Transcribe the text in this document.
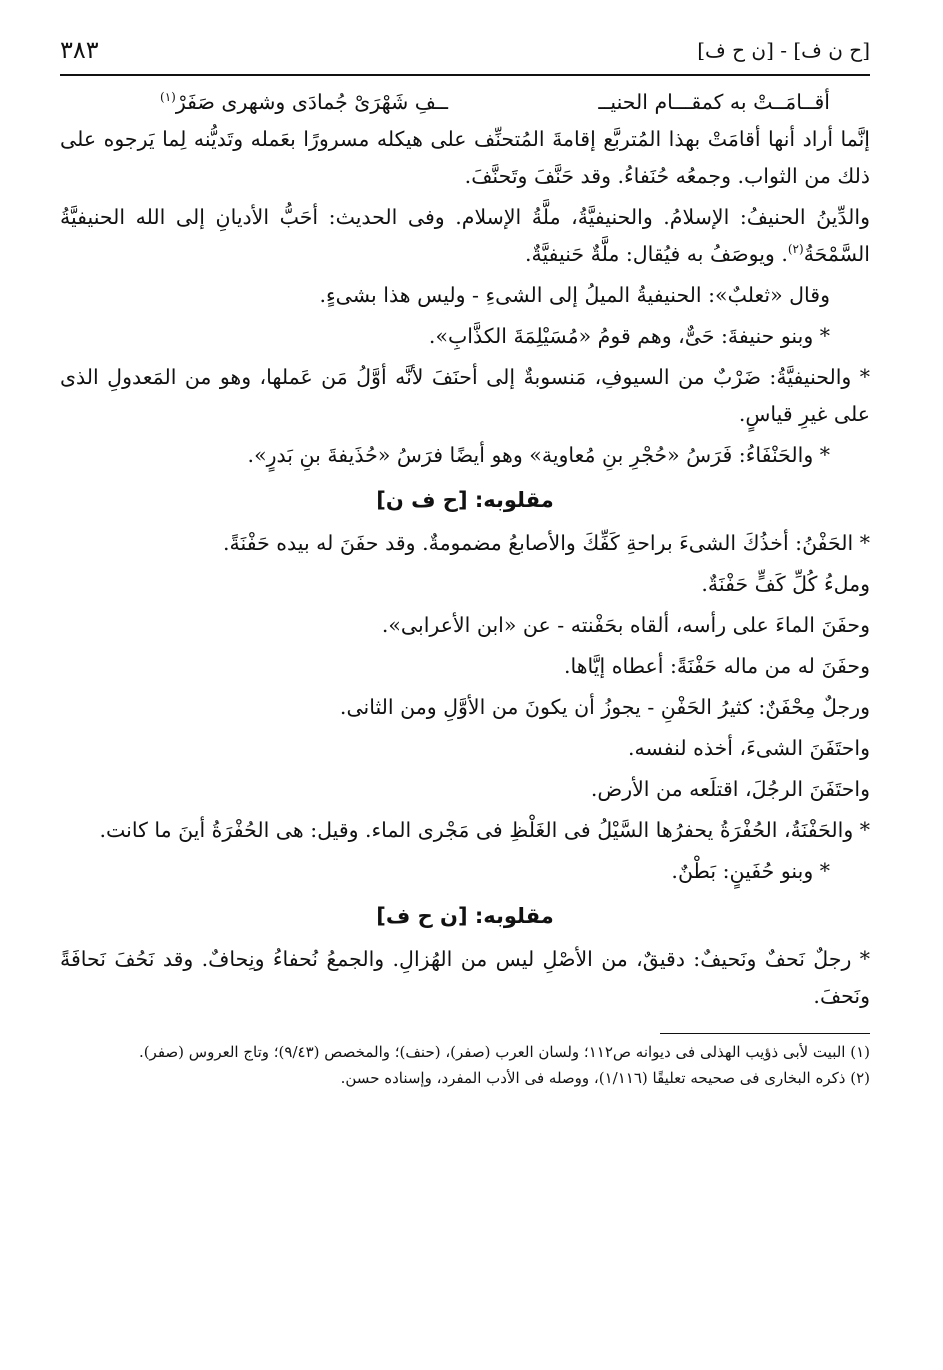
٣٨٣	[ح ن ف] - [ن ح ف]
أقــامَــتْ به كمقـــام الحنيــ
ــفِ شَهْرَىْ جُمادَى وشهرى صَفَرْ$^{(١)}$

إنَّما أراد أنها أقامَتْ بهذا المُتربَّع إقامةَ المُتحنِّف على هيكله مسرورًا بعَمله وتَديُّنه لِما يَرجوه على ذلك من الثواب. وجمعُه حُنَفاءُ. وقد حَنَّفَ وتَحنَّفَ.

والدِّينُ الحنيفُ: الإسلامُ. والحنيفيَّةُ، ملَّةُ الإسلام. وفى الحديث: أحَبُّ الأديانِ إلى الله الحنيفيَّةُ السَّمْحَةُ$^{(٢)}$. ويوصَفُ به فيُقال: ملَّةٌ حَنيفيَّةٌ.

وقال «ثعلبٌ»: الحنيفيةُ الميلُ إلى الشىءِ - وليس هذا بشىءٍ.

* وبنو حنيفةَ: حَىٌّ، وهم قومُ «مُسَيْلِمَةَ الكذَّابِ».

* والحنيفيَّةُ: ضَرْبٌ من السيوفِ، مَنسوبةٌ إلى أحنَفَ لأنَّه أوَّلُ مَن عَملها، وهو من المَعدولِ الذى على غيرِ قياسٍ.

* والحَنْفَاءُ: فَرَسُ «حُجْرِ بنِ مُعاوية» وهو أيضًا فرَسُ «حُذَيفةَ بنِ بَدرٍ».

مقلوبه: [ح ف ن]

* الحَفْنُ: أخذُكَ الشىءَ براحةِ كَفِّكَ والأصابعُ مضمومةٌ. وقد حفَنَ له بيده حَفْنَةً.

وملءُ كُلِّ كَفٍّ حَفْنَةٌ.

وحفَنَ الماءَ على رأسه، ألقاه بحَفْنته - عن «ابن الأعرابى».

وحفَنَ له من ماله حَفْنَةً: أعطاه إيَّاها.

ورجلٌ مِحْفَنٌ: كثيرُ الحَفْنِ - يجوزُ أن يكونَ من الأوَّلِ ومن الثانى.

واحتَفَنَ الشىءَ، أخذه لنفسه.

واحتَفَنَ الرجُلَ، اقتلَعه من الأرض.

* والحَفْنَةُ، الحُفْرَةُ يحفرُها السَّيْلُ فى الغَلْظِ فى مَجْرى الماء. وقيل: هى الحُفْرَةُ أينَ ما كانت.

* وبنو حُفَينٍ: بَطْنٌ.

مقلوبه: [ن ح ف]

* رجلٌ نَحفٌ ونَحيفٌ: دقيقٌ، من الأصْلِ ليس من الهُزالِ. والجمعُ نُحفاءُ ونِحافٌ. وقد نَحُفَ نَحافَةً ونَحفَ.

(١) البيت لأبى ذؤيب الهذلى فى ديوانه ص١١٢؛ ولسان العرب (صفر)، (حنف)؛ والمخصص (٩/٤٣)؛ وتاج العروس (صفر).

(٢) ذكره البخارى فى صحيحه تعليقًا (١/١١٦)، ووصله فى الأدب المفرد، وإسناده حسن.
